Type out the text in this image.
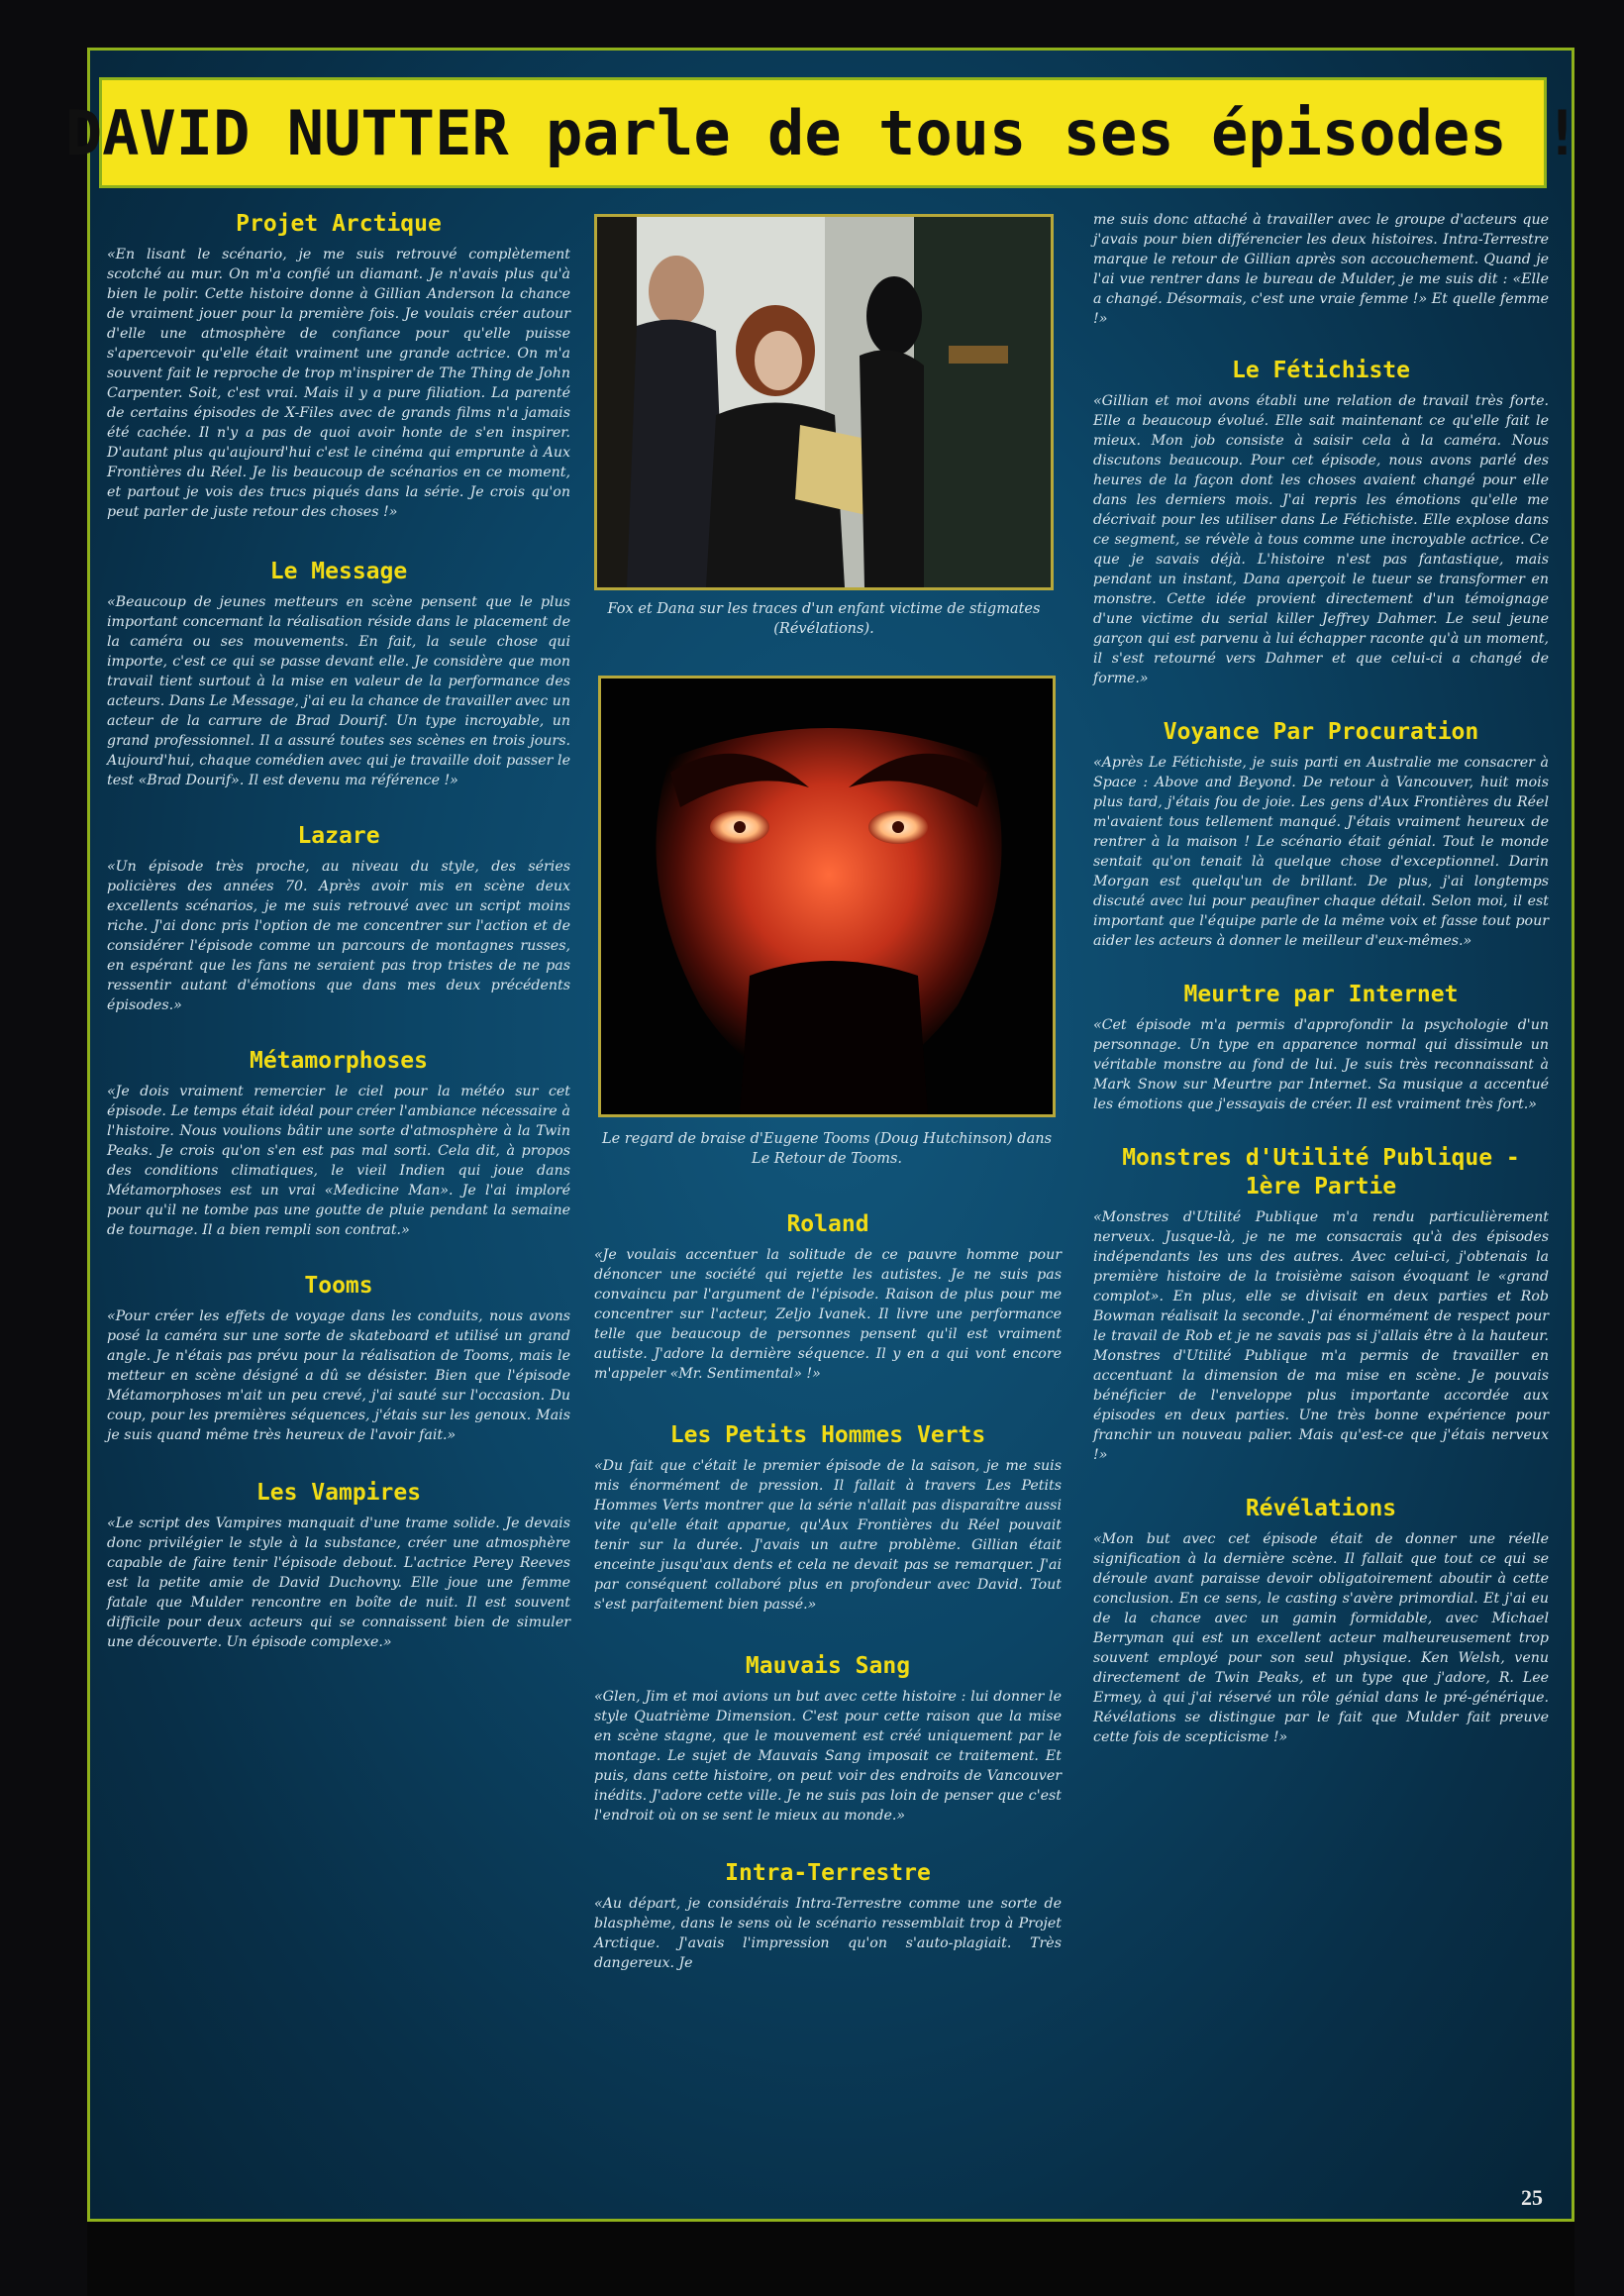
DAVID NUTTER parle de tous ses épisodes !
Projet Arctique

«En lisant le scénario, je me suis retrouvé complètement scotché au mur. On m'a confié un diamant. Je n'avais plus qu'à bien le polir. Cette histoire donne à Gillian Anderson la chance de vraiment jouer pour la première fois. Je voulais créer autour d'elle une atmosphère de confiance pour qu'elle puisse s'apercevoir qu'elle était vraiment une grande actrice. On m'a souvent fait le reproche de trop m'inspirer de The Thing de John Carpenter. Soit, c'est vrai. Mais il y a pure filiation. La parenté de certains épisodes de X-Files avec de grands films n'a jamais été cachée. Il n'y a pas de quoi avoir honte de s'en inspirer. D'autant plus qu'aujourd'hui c'est le cinéma qui emprunte à Aux Frontières du Réel. Je lis beaucoup de scénarios en ce moment, et partout je vois des trucs piqués dans la série. Je crois qu'on peut parler de juste retour des choses !»

Le Message

«Beaucoup de jeunes metteurs en scène pensent que le plus important concernant la réalisation réside dans le placement de la caméra ou ses mouvements. En fait, la seule chose qui importe, c'est ce qui se passe devant elle. Je considère que mon travail tient surtout à la mise en valeur de la performance des acteurs. Dans Le Message, j'ai eu la chance de travailler avec un acteur de la carrure de Brad Dourif. Un type incroyable, un grand professionnel. Il a assuré toutes ses scènes en trois jours. Aujourd'hui, chaque comédien avec qui je travaille doit passer le test «Brad Dourif». Il est devenu ma référence !»

Lazare

«Un épisode très proche, au niveau du style, des séries policières des années 70. Après avoir mis en scène deux excellents scénarios, je me suis retrouvé avec un script moins riche. J'ai donc pris l'option de me concentrer sur l'action et de considérer l'épisode comme un parcours de montagnes russes, en espérant que les fans ne seraient pas trop tristes de ne pas ressentir autant d'émotions que dans mes deux précédents épisodes.»

Métamorphoses

«Je dois vraiment remercier le ciel pour la météo sur cet épisode. Le temps était idéal pour créer l'ambiance nécessaire à l'histoire. Nous voulions bâtir une sorte d'atmosphère à la Twin Peaks. Je crois qu'on s'en est pas mal sorti. Cela dit, à propos des conditions climatiques, le vieil Indien qui joue dans Métamorphoses est un vrai «Medicine Man». Je l'ai imploré pour qu'il ne tombe pas une goutte de pluie pendant la semaine de tournage. Il a bien rempli son contrat.»

Tooms

«Pour créer les effets de voyage dans les conduits, nous avons posé la caméra sur une sorte de skateboard et utilisé un grand angle. Je n'étais pas prévu pour la réalisation de Tooms, mais le metteur en scène désigné a dû se désister. Bien que l'épisode Métamorphoses m'ait un peu crevé, j'ai sauté sur l'occasion. Du coup, pour les premières séquences, j'étais sur les genoux. Mais je suis quand même très heureux de l'avoir fait.»

Les Vampires

«Le script des Vampires manquait d'une trame solide. Je devais donc privilégier le style à la substance, créer une atmosphère capable de faire tenir l'épisode debout. L'actrice Perey Reeves est la petite amie de David Duchovny. Elle joue une femme fatale que Mulder rencontre en boîte de nuit. Il est souvent difficile pour deux acteurs qui se connaissent bien de simuler une découverte. Un épisode complexe.»

Fox et Dana sur les traces d'un enfant victime de stigmates (Révélations).
Le regard de braise d'Eugene Tooms (Doug Hutchinson) dans Le Retour de Tooms.
Roland

«Je voulais accentuer la solitude de ce pauvre homme pour dénoncer une société qui rejette les autistes. Je ne suis pas convaincu par l'argument de l'épisode. Raison de plus pour me concentrer sur l'acteur, Zeljo Ivanek. Il livre une performance telle que beaucoup de personnes pensent qu'il est vraiment autiste. J'adore la dernière séquence. Il y en a qui vont encore m'appeler «Mr. Sentimental» !»

Les Petits Hommes Verts

«Du fait que c'était le premier épisode de la saison, je me suis mis énormément de pression. Il fallait à travers Les Petits Hommes Verts montrer que la série n'allait pas disparaître aussi vite qu'elle était apparue, qu'Aux Frontières du Réel pouvait tenir sur la durée. J'avais un autre problème. Gillian était enceinte jusqu'aux dents et cela ne devait pas se remarquer. J'ai par conséquent collaboré plus en profondeur avec David. Tout s'est parfaitement bien passé.»

Mauvais Sang

«Glen, Jim et moi avions un but avec cette histoire : lui donner le style Quatrième Dimension. C'est pour cette raison que la mise en scène stagne, que le mouvement est créé uniquement par le montage. Le sujet de Mauvais Sang imposait ce traitement. Et puis, dans cette histoire, on peut voir des endroits de Vancouver inédits. J'adore cette ville. Je ne suis pas loin de penser que c'est l'endroit où on se sent le mieux au monde.»

Intra-Terrestre

«Au départ, je considérais Intra-Terrestre comme une sorte de blasphème, dans le sens où le scénario ressemblait trop à Projet Arctique. J'avais l'impression qu'on s'auto-plagiait. Très dangereux. Je

me suis donc attaché à travailler avec le groupe d'acteurs que j'avais pour bien différencier les deux histoires. Intra-Terrestre marque le retour de Gillian après son accouchement. Quand je l'ai vue rentrer dans le bureau de Mulder, je me suis dit : «Elle a changé. Désormais, c'est une vraie femme !» Et quelle femme !»

Le Fétichiste

«Gillian et moi avons établi une relation de travail très forte. Elle a beaucoup évolué. Elle sait maintenant ce qu'elle fait le mieux. Mon job consiste à saisir cela à la caméra. Nous discutons beaucoup. Pour cet épisode, nous avons parlé des heures de la façon dont les choses avaient changé pour elle dans les derniers mois. J'ai repris les émotions qu'elle me décrivait pour les utiliser dans Le Fétichiste. Elle explose dans ce segment, se révèle à tous comme une incroyable actrice. Ce que je savais déjà. L'histoire n'est pas fantastique, mais pendant un instant, Dana aperçoit le tueur se transformer en monstre. Cette idée provient directement d'un témoignage d'une victime du serial killer Jeffrey Dahmer. Le seul jeune garçon qui est parvenu à lui échapper raconte qu'à un moment, il s'est retourné vers Dahmer et que celui-ci a changé de forme.»

Voyance Par Procuration

«Après Le Fétichiste, je suis parti en Australie me consacrer à Space : Above and Beyond. De retour à Vancouver, huit mois plus tard, j'étais fou de joie. Les gens d'Aux Frontières du Réel m'avaient tous tellement manqué. J'étais vraiment heureux de rentrer à la maison ! Le scénario était génial. Tout le monde sentait qu'on tenait là quelque chose d'exceptionnel. Darin Morgan est quelqu'un de brillant. De plus, j'ai longtemps discuté avec lui pour peaufiner chaque détail. Selon moi, il est important que l'équipe parle de la même voix et fasse tout pour aider les acteurs à donner le meilleur d'eux-mêmes.»

Meurtre par Internet

«Cet épisode m'a permis d'approfondir la psychologie d'un personnage. Un type en apparence normal qui dissimule un véritable monstre au fond de lui. Je suis très reconnaissant à Mark Snow sur Meurtre par Internet. Sa musique a accentué les émotions que j'essayais de créer. Il est vraiment très fort.»

Monstres d'Utilité Publique - 1ère Partie

«Monstres d'Utilité Publique m'a rendu particulièrement nerveux. Jusque-là, je ne me consacrais qu'à des épisodes indépendants les uns des autres. Avec celui-ci, j'obtenais la première histoire de la troisième saison évoquant le «grand complot». En plus, elle se divisait en deux parties et Rob Bowman réalisait la seconde. J'ai énormément de respect pour le travail de Rob et je ne savais pas si j'allais être à la hauteur. Monstres d'Utilité Publique m'a permis de travailler en accentuant la dimension de ma mise en scène. Je pouvais bénéficier de l'enveloppe plus importante accordée aux épisodes en deux parties. Une très bonne expérience pour franchir un nouveau palier. Mais qu'est-ce que j'étais nerveux !»

Révélations

«Mon but avec cet épisode était de donner une réelle signification à la dernière scène. Il fallait que tout ce qui se déroule avant paraisse devoir obligatoirement aboutir à cette conclusion. En ce sens, le casting s'avère primordial. Et j'ai eu de la chance avec un gamin formidable, avec Michael Berryman qui est un excellent acteur malheureusement trop souvent employé pour son seul physique. Ken Welsh, venu directement de Twin Peaks, et un type que j'adore, R. Lee Ermey, à qui j'ai réservé un rôle génial dans le pré-générique. Révélations se distingue par le fait que Mulder fait preuve cette fois de scepticisme !»

25
